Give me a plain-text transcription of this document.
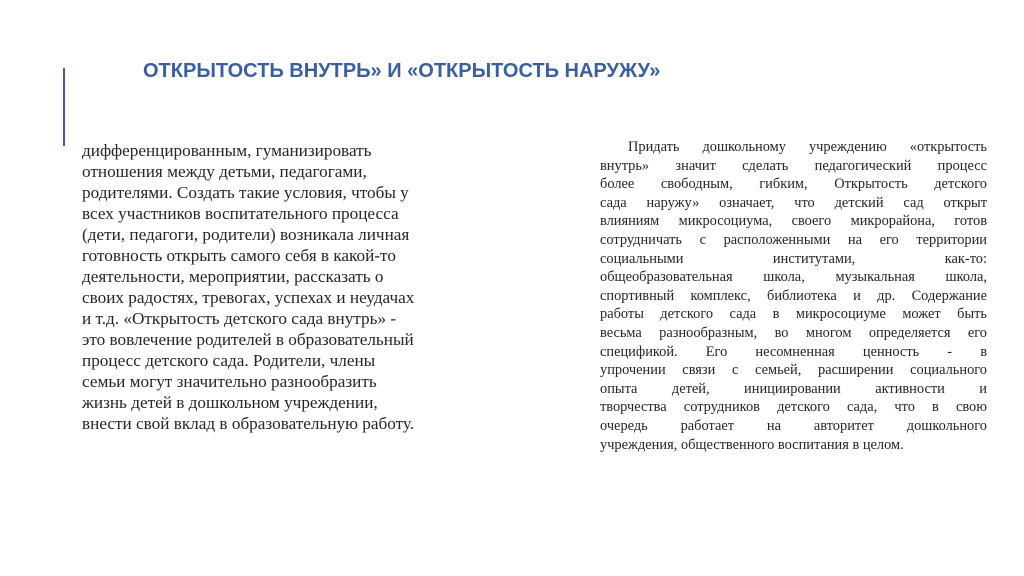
ОТКРЫТОСТЬ ВНУТРЬ» И «ОТКРЫТОСТЬ НАРУЖУ»
дифференцированным, гуманизировать
отношения между детьми, педагогами,
родителями. Создать такие условия, чтобы у
всех участников воспитательного процесса
(дети, педагоги, родители) возникала личная
готовность открыть самого себя в какой-то
деятельности, мероприятии, рассказать о
своих радостях, тревогах, успехах и неудачах
и т.д. «Открытость детского сада внутрь» -
это вовлечение родителей в образовательный
процесс детского сада. Родители, члены
семьи могут значительно разнообразить
жизнь детей в дошкольном учреждении,
внести свой вклад в образовательную работу.
Придать дошкольному учреждению «открытость
внутрь» значит сделать педагогический процесс
более свободным, гибким, Открытость детского
сада наружу» означает, что детский сад открыт
влияниям микросоциума, своего микрорайона, готов
сотрудничать с расположенными на его территории
социальными институтами, как-то:
общеобразовательная школа, музыкальная школа,
спортивный комплекс, библиотека и др. Содержание
работы детского сада в микросоциуме может быть
весьма разнообразным, во многом определяется его
спецификой. Его несомненная ценность - в
упрочении связи с семьей, расширении социального
опыта детей, инициировании активности и
творчества сотрудников детского сада, что в свою
очередь работает на авторитет дошкольного
учреждения, общественного воспитания в целом.
